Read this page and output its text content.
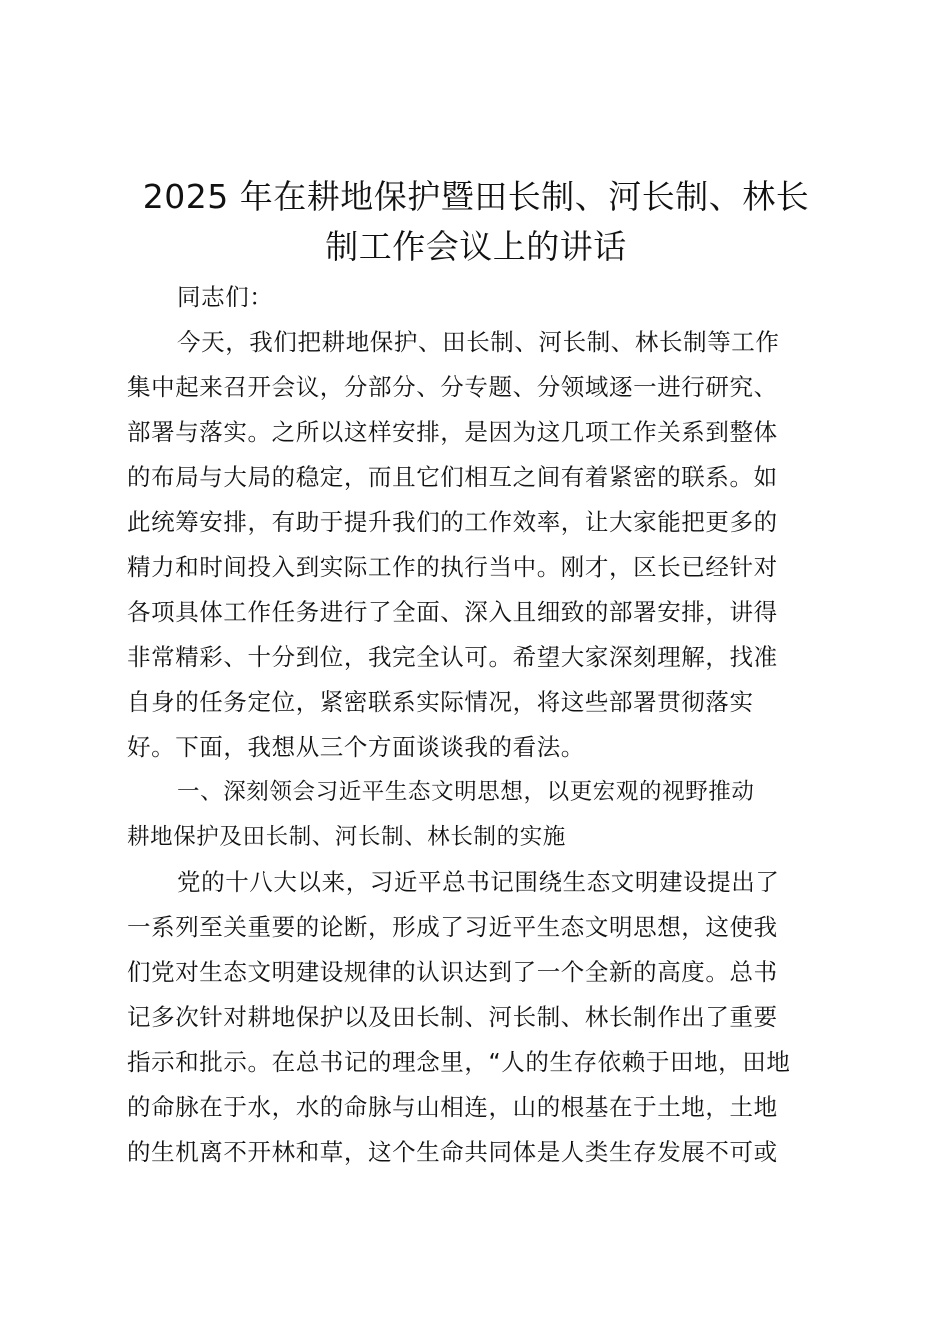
2025 年在耕地保护暨田长制、河长制、林长
制工作会议上的讲话
同志们：
今天，我们把耕地保护、田长制、河长制、林长制等工作
集中起来召开会议，分部分、分专题、分领域逐一进行研究、
部署与落实。之所以这样安排，是因为这几项工作关系到整体
的布局与大局的稳定，而且它们相互之间有着紧密的联系。如
此统筹安排，有助于提升我们的工作效率，让大家能把更多的
精力和时间投入到实际工作的执行当中。刚才，区长已经针对
各项具体工作任务进行了全面、深入且细致的部署安排，讲得
非常精彩、十分到位，我完全认可。希望大家深刻理解，找准
自身的任务定位，紧密联系实际情况，将这些部署贯彻落实
好。下面，我想从三个方面谈谈我的看法。
一、深刻领会习近平生态文明思想，以更宏观的视野推动
耕地保护及田长制、河长制、林长制的实施
党的十八大以来，习近平总书记围绕生态文明建设提出了
一系列至关重要的论断，形成了习近平生态文明思想，这使我
们党对生态文明建设规律的认识达到了一个全新的高度。总书
记多次针对耕地保护以及田长制、河长制、林长制作出了重要
指示和批示。在总书记的理念里，“人的生存依赖于田地，田地
的命脉在于水，水的命脉与山相连，山的根基在于土地，土地
的生机离不开林和草，这个生命共同体是人类生存发展不可或
